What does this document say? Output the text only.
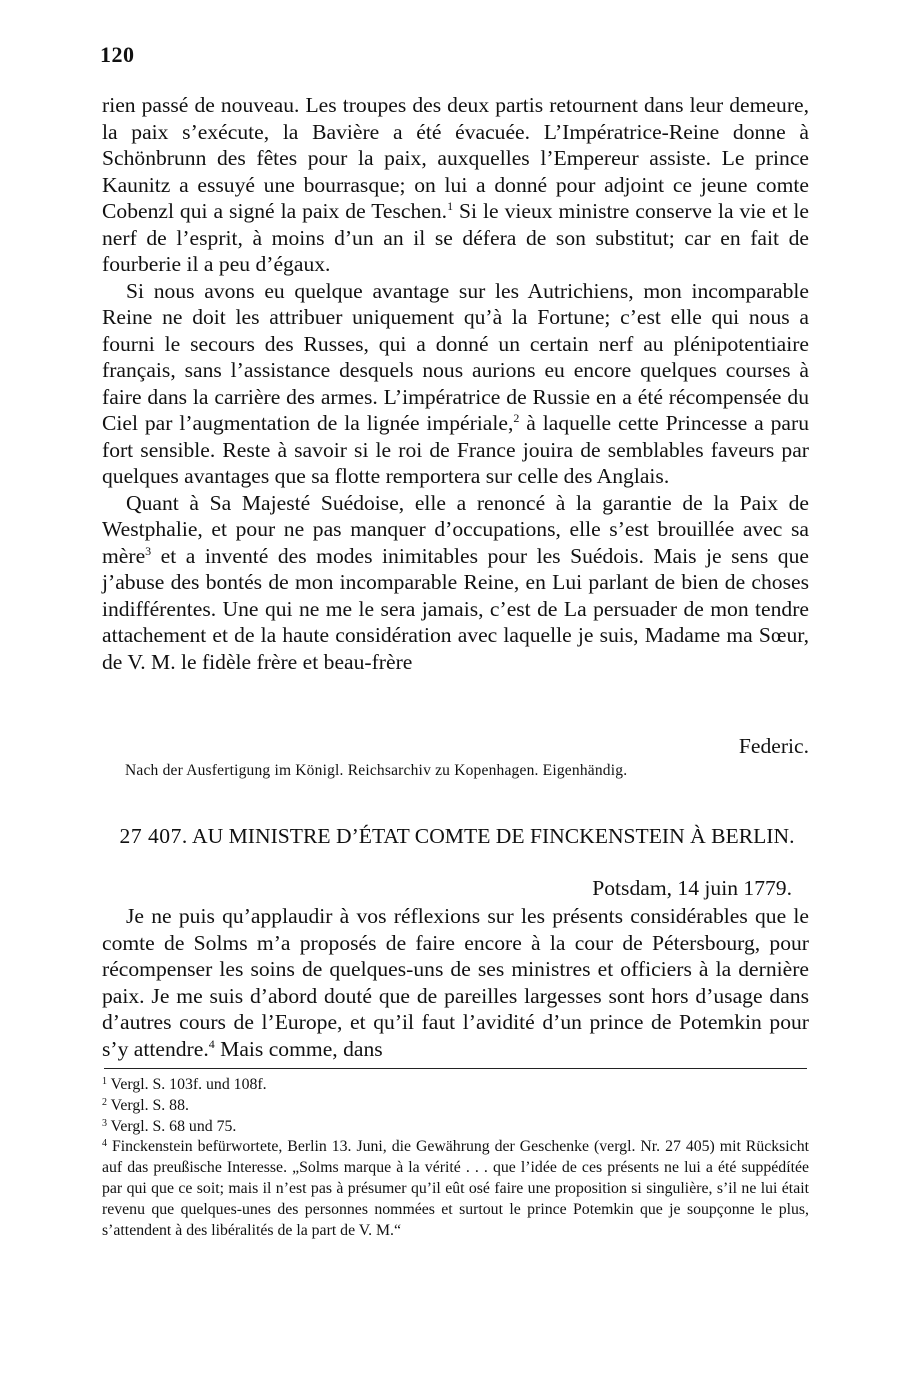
120

rien passé de nouveau. Les troupes des deux partis retournent dans leur demeure, la paix s’exécute, la Bavière a été évacuée. L’Impératrice-Reine donne à Schönbrunn des fêtes pour la paix, auxquelles l’Empereur assiste. Le prince Kaunitz a essuyé une bourrasque; on lui a donné pour adjoint ce jeune comte Cobenzl qui a signé la paix de Teschen.$^1$ Si le vieux ministre conserve la vie et le nerf de l’esprit, à moins d’un an il se défera de son substitut; car en fait de fourberie il a peu d’égaux.

Si nous avons eu quelque avantage sur les Autrichiens, mon incomparable Reine ne doit les attribuer uniquement qu’à la Fortune; c’est elle qui nous a fourni le secours des Russes, qui a donné un certain nerf au plénipotentiaire français, sans l’assistance desquels nous aurions eu encore quelques courses à faire dans la carrière des armes. L’impératrice de Russie en a été récompensée du Ciel par l’augmentation de la lignée impériale,$^2$ à laquelle cette Princesse a paru fort sensible. Reste à savoir si le roi de France jouira de semblables faveurs par quelques avantages que sa flotte remportera sur celle des Anglais.

Quant à Sa Majesté Suédoise, elle a renoncé à la garantie de la Paix de Westphalie, et pour ne pas manquer d’occupations, elle s’est brouillée avec sa mère$^3$ et a inventé des modes inimitables pour les Suédois. Mais je sens que j’abuse des bontés de mon incomparable Reine, en Lui parlant de bien de choses indifférentes. Une qui ne me le sera jamais, c’est de La persuader de mon tendre attachement et de la haute considération avec laquelle je suis, Madame ma Sœur, de V. M. le fidèle frère et beau-frère

Federic.
Nach der Ausfertigung im Königl. Reichsarchiv zu Kopenhagen. Eigenhändig.
27 407. AU MINISTRE D’ÉTAT COMTE DE FINCKENSTEIN À BERLIN.
Potsdam, 14 juin 1779.

Je ne puis qu’applaudir à vos réflexions sur les présents considérables que le comte de Solms m’a proposés de faire encore à la cour de Pétersbourg, pour récompenser les soins de quelques-uns de ses ministres et officiers à la dernière paix. Je me suis d’abord douté que de pareilles largesses sont hors d’usage dans d’autres cours de l’Europe, et qu’il faut l’avidité d’un prince de Potemkin pour s’y attendre.$^4$ Mais comme, dans

$^1$ Vergl. S. 103f. und 108f.

$^2$ Vergl. S. 88.

$^3$ Vergl. S. 68 und 75.

$^4$ Finckenstein befürwortete, Berlin 13. Juni, die Gewährung der Geschenke (vergl. Nr. 27 405) mit Rücksicht auf das preußische Interesse. „Solms marque à la vérité . . . que l’idée de ces présents ne lui a été suppédítée par qui que ce soit; mais il n’est pas à présumer qu’il eût osé faire une proposition si singulière, s’il ne lui était revenu que quelques-unes des personnes nommées et surtout le prince Potemkin que je soupçonne le plus, s’attendent à des libéralités de la part de V. M.“
